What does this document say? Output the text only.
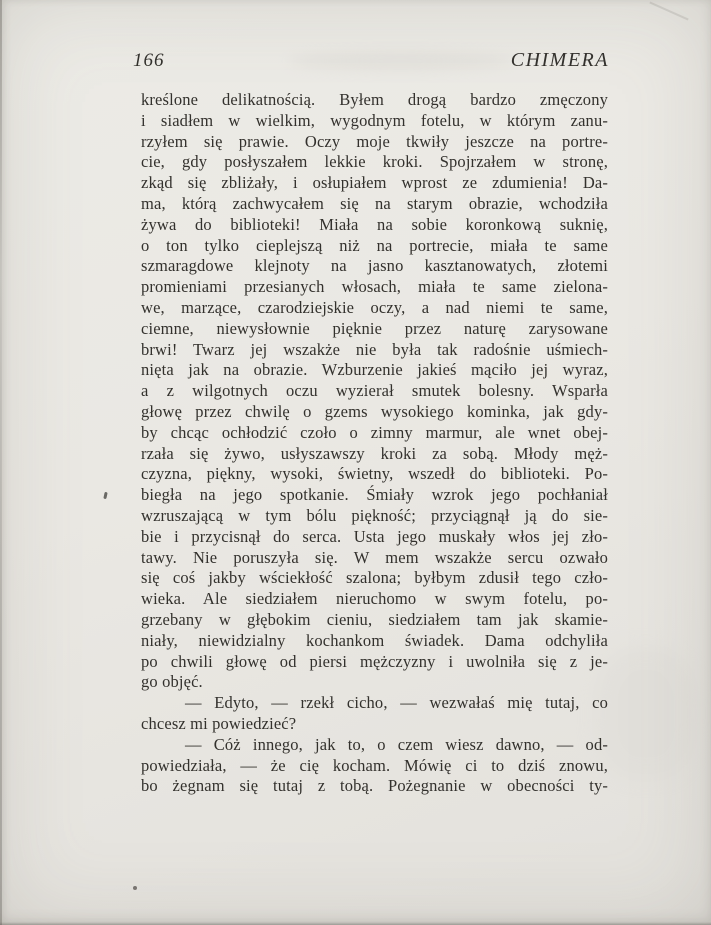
166	CHIMERA
kreślone delikatnością. Byłem drogą bardzo zmęczony
i siadłem w wielkim, wygodnym fotelu, w którym zanu-
rzyłem się prawie. Oczy moje tkwiły jeszcze na portre-
cie, gdy posłyszałem lekkie kroki. Spojrzałem w stronę,
zkąd się zbliżały, i osłupiałem wprost ze zdumienia! Da-
ma, którą zachwycałem się na starym obrazie, wchodziła
żywa do biblioteki! Miała na sobie koronkową suknię,
o ton tylko cieplejszą niż na portrecie, miała te same
szmaragdowe klejnoty na jasno kasztanowatych, złotemi
promieniami przesianych włosach, miała te same zielona-
we, marzące, czarodziejskie oczy, a nad niemi te same,
ciemne, niewysłownie pięknie przez naturę zarysowane
brwi! Twarz jej wszakże nie była tak radośnie uśmiech-
nięta jak na obrazie. Wzburzenie jakieś mąciło jej wyraz,
a z wilgotnych oczu wyzierał smutek bolesny. Wsparła
głowę przez chwilę o gzems wysokiego kominka, jak gdy-
by chcąc ochłodzić czoło o zimny marmur, ale wnet obej-
rzała się żywo, usłyszawszy kroki za sobą. Młody męż-
czyzna, piękny, wysoki, świetny, wszedł do biblioteki. Po-
biegła na jego spotkanie. Śmiały wzrok jego pochłaniał
wzruszającą w tym bólu piękność; przyciągnął ją do sie-
bie i przycisnął do serca. Usta jego muskały włos jej zło-
tawy. Nie poruszyła się. W mem wszakże sercu ozwało
się coś jakby wściekłość szalona; byłbym zdusił tego czło-
wieka. Ale siedziałem nieruchomo w swym fotelu, po-
grzebany w głębokim cieniu, siedziałem tam jak skamie-
niały, niewidzialny kochankom świadek. Dama odchyliła
po chwili głowę od piersi mężczyzny i uwolniła się z je-
go objęć.
— Edyto, — rzekł cicho, — wezwałaś mię tutaj, co
chcesz mi powiedzieć?
— Cóż innego, jak to, o czem wiesz dawno, — od-
powiedziała, — że cię kocham. Mówię ci to dziś znowu,
bo żegnam się tutaj z tobą. Pożegnanie w obecności ty-
